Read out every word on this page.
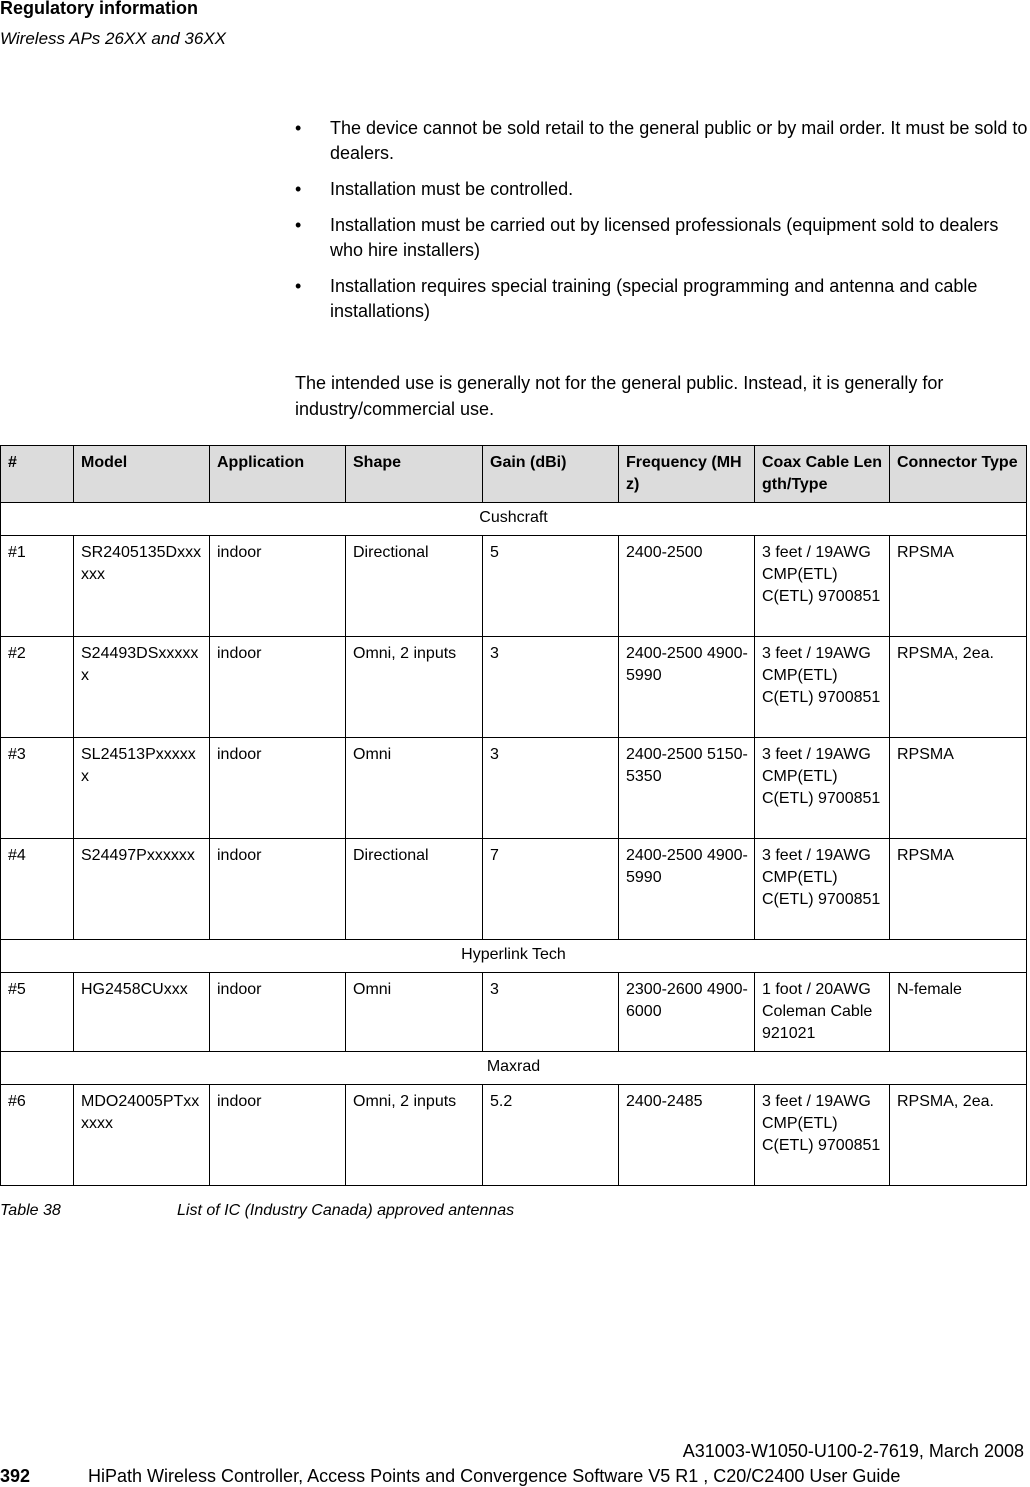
Regulatory information
Wireless APs 26XX and 36XX
• The device cannot be sold retail to the general public or by mail order. It must be sold to dealers.
• Installation must be controlled.
• Installation must be carried out by licensed professionals (equipment sold to dealers who hire installers)
• Installation requires special training (special programming and antenna and cable installations)

The intended use is generally not for the general public. Instead, it is generally for industry/commercial use.

#	Model	Application	Shape	Gain (dBi)	Frequency (MHz)	Coax Cable Length/Type	Connector Type
Cushcraft							
#1	SR2405135Dxxxxxx	indoor	Directional	5	2400-2500	3 feet / 19AWG CMP(ETL) C(ETL) 9700851	RPSMA
#2	S24493DSxxxxxx	indoor	Omni, 2 inputs	3	2400-2500 4900-5990	3 feet / 19AWG CMP(ETL) C(ETL) 9700851	RPSMA, 2ea.
#3	SL24513Pxxxxxx	indoor	Omni	3	2400-2500 5150-5350	3 feet / 19AWG CMP(ETL) C(ETL) 9700851	RPSMA
#4	S24497Pxxxxxx	indoor	Directional	7	2400-2500 4900-5990	3 feet / 19AWG CMP(ETL) C(ETL) 9700851	RPSMA
Hyperlink Tech							
#5	HG2458CUxxx	indoor	Omni	3	2300-2600 4900-6000	1 foot / 20AWG Coleman Cable 921021	N-female
Maxrad							
#6	MDO24005PTxxxxxx	indoor	Omni, 2 inputs	5.2	2400-2485	3 feet / 19AWG CMP(ETL) C(ETL) 9700851	RPSMA, 2ea.
Table 38	List of IC (Industry Canada) approved antennas
A31003-W1050-U100-2-7619, March 2008
392	HiPath Wireless Controller, Access Points and Convergence Software V5 R1 , C20/C2400 User Guide
